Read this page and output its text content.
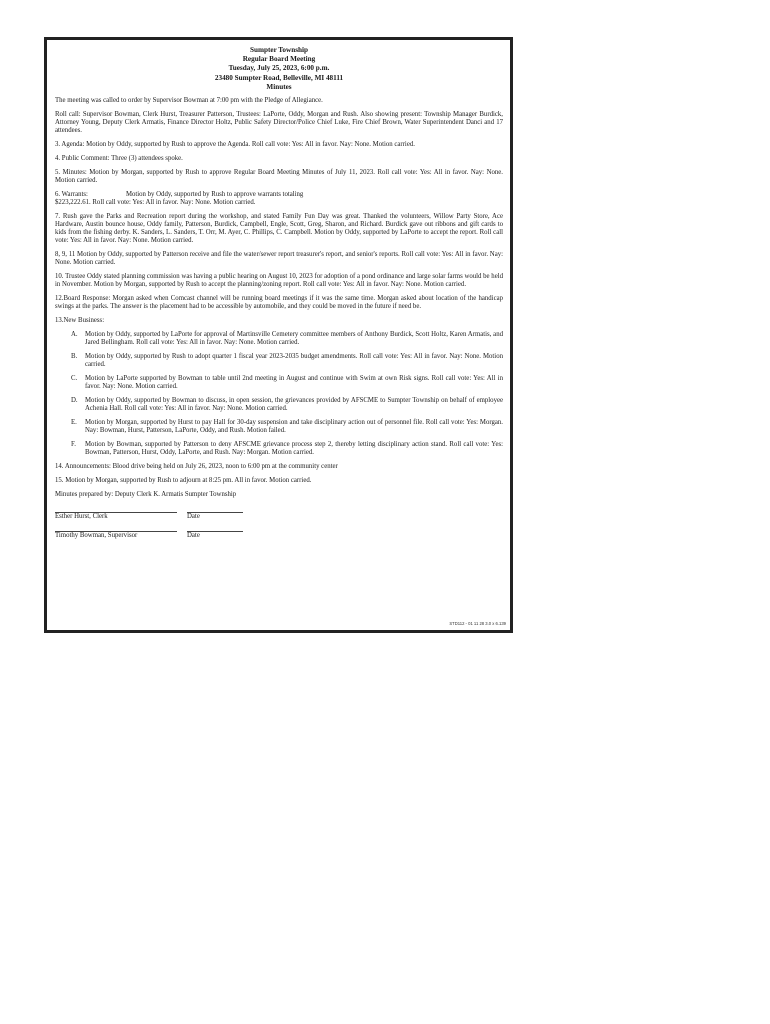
Sumpter Township
Regular Board Meeting
Tuesday, July 25, 2023, 6:00 p.m.
23480 Sumpter Road, Belleville, MI 48111
Minutes

The meeting was called to order by Supervisor Bowman at 7:00 pm with the Pledge of Allegiance.

Roll call: Supervisor Bowman, Clerk Hurst, Treasurer Patterson, Trustees: LaPorte, Oddy, Morgan and Rush. Also showing present: Township Manager Burdick, Attorney Young, Deputy Clerk Armatis, Finance Director Holtz, Public Safety Director/Police Chief Luke, Fire Chief Brown, Water Superintendent Danci and 17 attendees.

3. Agenda: Motion by Oddy, supported by Rush to approve the Agenda. Roll call vote: Yes: All in favor. Nay: None. Motion carried.

4. Public Comment: Three (3) attendees spoke.

5. Minutes: Motion by Morgan, supported by Rush to approve Regular Board Meeting Minutes of July 11, 2023. Roll call vote: Yes: All in favor. Nay: None. Motion carried.

6. Warrants:	Motion by Oddy, supported by Rush to approve warrants totaling
$223,222.61. Roll call vote: Yes: All in favor. Nay: None. Motion carried.

7. Rush gave the Parks and Recreation report during the workshop, and stated Family Fun Day was great. Thanked the volunteers, Willow Party Store, Ace Hardware, Austin bounce house, Oddy family, Patterson, Burdick, Campbell, Engle, Scott, Greg, Sharon, and Richard. Burdick gave out ribbons and gift cards to kids from the fishing derby. K. Sanders, L. Sanders, T. Orr, M. Ayer, C. Phillips, C. Campbell. Motion by Oddy, supported by LaPorte to accept the report. Roll call vote: Yes: All in favor. Nay: None. Motion carried.

8, 9, 11 Motion by Oddy, supported by Patterson receive and file the water/sewer report treasurer's report, and senior's reports. Roll call vote: Yes: All in favor. Nay: None. Motion carried.

10. Trustee Oddy stated planning commission was having a public hearing on August 10, 2023 for adoption of a pond ordinance and large solar farms would be held in November. Motion by Morgan, supported by Rush to accept the planning/zoning report. Roll call vote: Yes: All in favor. Nay: None. Motion carried.

12.Board Response: Morgan asked when Comcast channel will be running board meetings if it was the same time. Morgan asked about location of the handicap swings at the parks. The answer is the placement had to be accessible by automobile, and they could be moved in the future if need be.

13.New Business:

A. Motion by Oddy, supported by LaPorte for approval of Martinsville Cemetery committee members of Anthony Burdick, Scott Holtz, Karen Armatis, and Jared Bellingham. Roll call vote: Yes: All in favor. Nay: None. Motion carried.
B. Motion by Oddy, supported by Rush to adopt quarter 1 fiscal year 2023-2035 budget amendments. Roll call vote: Yes: All in favor. Nay: None. Motion carried.
C. Motion by LaPorte supported by Bowman to table until 2nd meeting in August and continue with Swim at own Risk signs. Roll call vote: Yes: All in favor. Nay: None. Motion carried.
D. Motion by Oddy, supported by Bowman to discuss, in open session, the grievances provided by AFSCME to Sumpter Township on behalf of employee Achenia Hall. Roll call vote: Yes: All in favor. Nay: None. Motion carried.
E. Motion by Morgan, supported by Hurst to pay Hall for 30-day suspension and take disciplinary action out of personnel file. Roll call vote: Yes: Morgan. Nay: Bowman, Hurst, Patterson, LaPorte, Oddy, and Rush. Motion failed.
F. Motion by Bowman, supported by Patterson to deny AFSCME grievance process step 2, thereby letting disciplinary action stand. Roll call vote: Yes: Bowman, Patterson, Hurst, Oddy, LaPorte, and Rush. Nay: Morgan. Motion carried.

14. Announcements: Blood drive being held on July 26, 2023, noon to 6:00 pm at the community center

15. Motion by Morgan, supported by Rush to adjourn at 8:25 pm. All in favor. Motion carried.

Minutes prepared by: Deputy Clerk K. Armatis Sumpter Township

Esther Hurst, Clerk	Date
Timothy Bowman, Supervisor	Date
STD112 - 01 11 28 3.0 x 6.139
